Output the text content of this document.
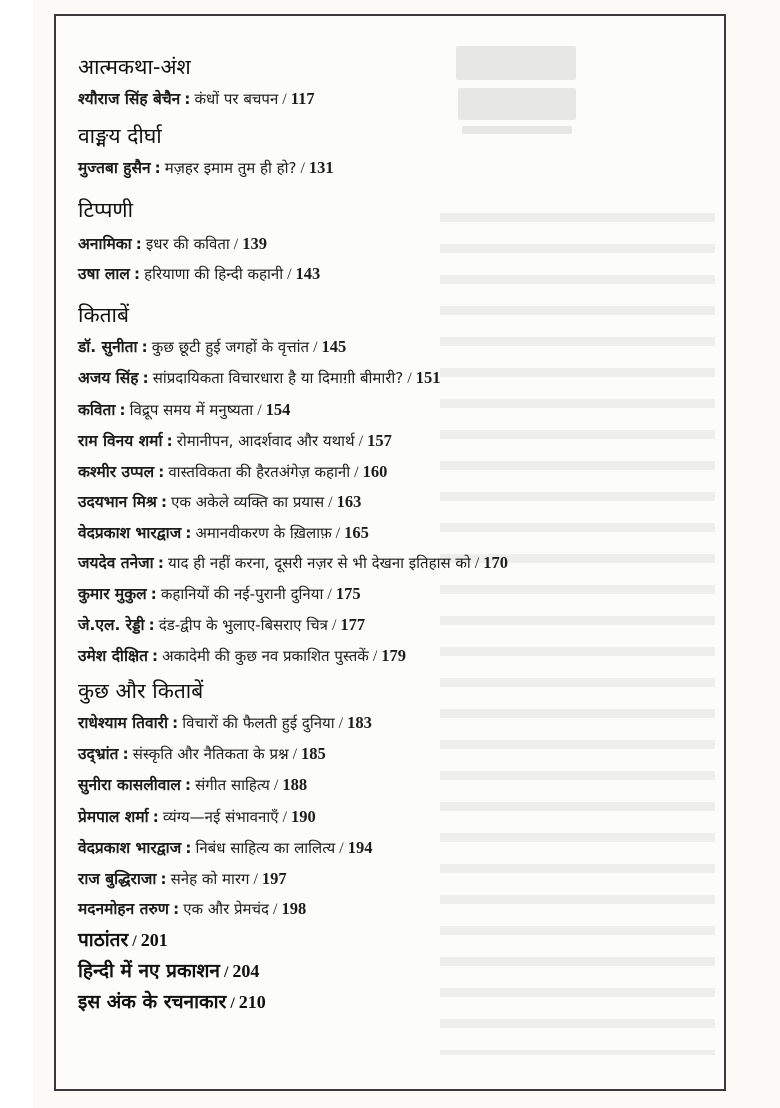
आत्मकथा-अंश
श्यौराज सिंह बेचैन : कंधों पर बचपन / 117
वाङ्मय दीर्घा
मुज्तबा हुसैन : मज़हर इमाम तुम ही हो? / 131
टिप्पणी
अनामिका : इधर की कविता / 139
उषा लाल : हरियाणा की हिन्दी कहानी / 143
किताबें
डॉ. सुनीता : कुछ छूटी हुई जगहों के वृत्तांत / 145
अजय सिंह : सांप्रदायिकता विचारधारा है या दिमाग़ी बीमारी? / 151
कविता : विद्रूप समय में मनुष्यता / 154
राम विनय शर्मा : रोमानीपन, आदर्शवाद और यथार्थ / 157
कश्मीर उप्पल : वास्तविकता की हैरतअंगेज़ कहानी / 160
उदयभान मिश्र : एक अकेले व्यक्ति का प्रयास / 163
वेदप्रकाश भारद्वाज : अमानवीकरण के ख़िलाफ़ / 165
जयदेव तनेजा : याद ही नहीं करना, दूसरी नज़र से भी देखना इतिहास को / 170
कुमार मुकुल : कहानियों की नई-पुरानी दुनिया / 175
जे.एल. रेड्डी : दंड-द्वीप के भुलाए-बिसराए चित्र / 177
उमेश दीक्षित : अकादेमी की कुछ नव प्रकाशित पुस्तकें / 179
कुछ और किताबें
राधेश्याम तिवारी : विचारों की फैलती हुई दुनिया / 183
उद्भ्रांत : संस्कृति और नैतिकता के प्रश्न / 185
सुनीरा कासलीवाल : संगीत साहित्य / 188
प्रेमपाल शर्मा : व्यंग्य—नई संभावनाएँ / 190
वेदप्रकाश भारद्वाज : निबंध साहित्य का लालित्य / 194
राज बुद्धिराजा : सनेह को मारग / 197
मदनमोहन तरुण : एक और प्रेमचंद / 198
पाठांतर / 201
हिन्दी में नए प्रकाशन / 204
इस अंक के रचनाकार / 210
